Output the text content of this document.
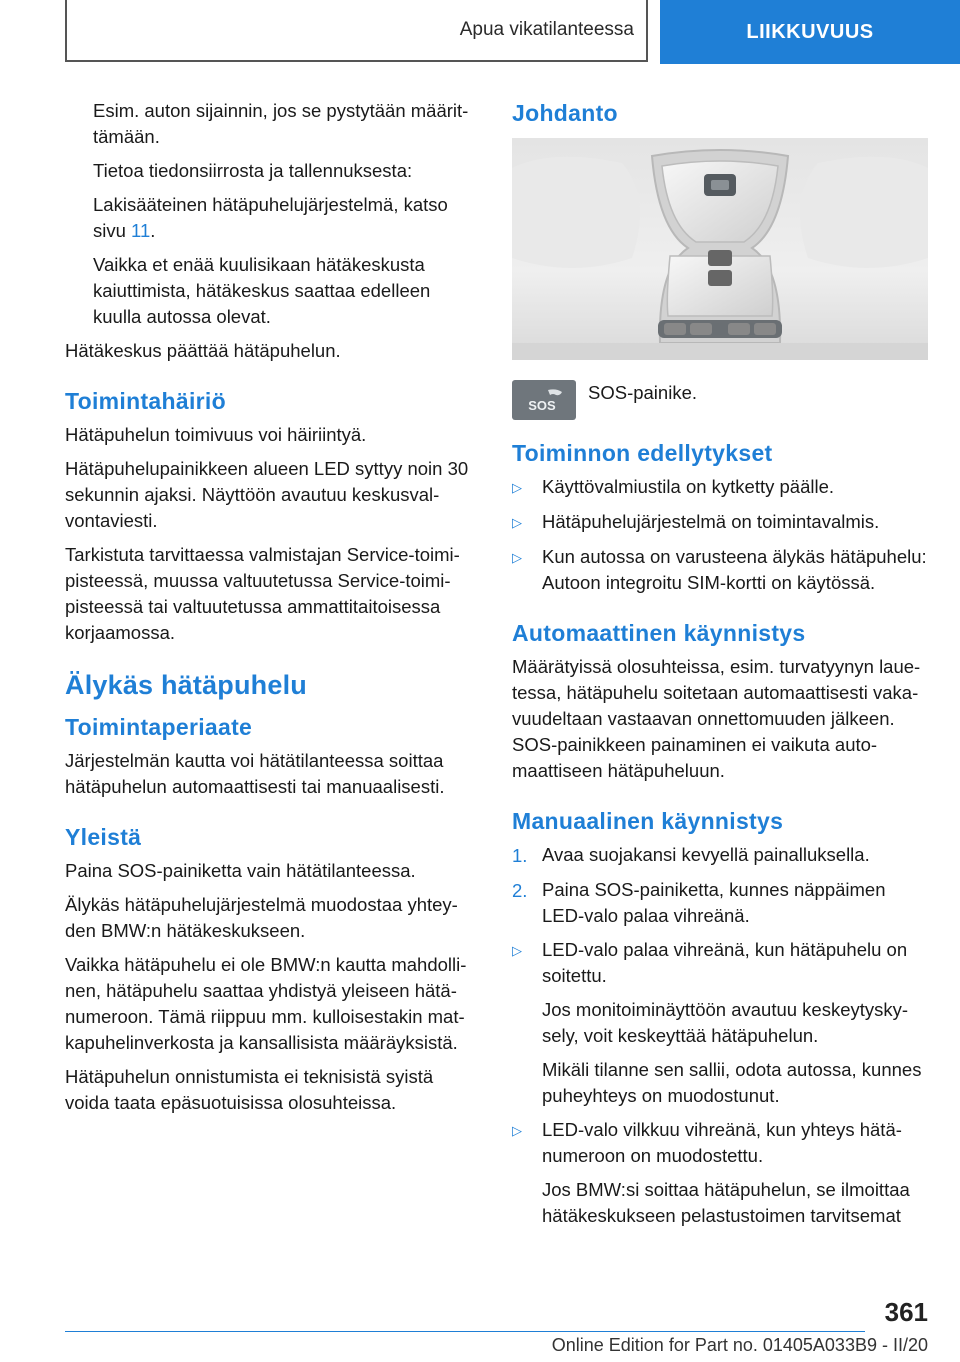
Apua vikatilanteessa	LIIKKUVUUS

Esim. auton sijainnin, jos se pystytään määrittämään.

Tietoa tiedonsiirrosta ja tallennuksesta:

Lakisääteinen hätäpuhelujärjestelmä, katso sivu 11.

Vaikka et enää kuulisikaan hätäkeskusta kaiuttimista, hätäkeskus saattaa edelleen kuulla autossa olevat.

Hätäkeskus päättää hätäpuhelun.

Toimintahäiriö

Hätäpuhelun toimivuus voi häiriintyä.

Hätäpuhelupainikkeen alueen LED syttyy noin 30 sekunnin ajaksi. Näyttöön avautuu keskusvalvontaviesti.

Tarkistuta tarvittaessa valmistajan Service-toimipisteessä, muussa valtuutetussa Service-toimipisteessä tai valtuutetussa ammattitaitoisessa korjaamossa.

Älykäs hätäpuhelu
Toimintaperiaate

Järjestelmän kautta voi hätätilanteessa soittaa hätäpuhelun automaattisesti tai manuaalisesti.

Yleistä

Paina SOS-painiketta vain hätätilanteessa.

Älykäs hätäpuhelujärjestelmä muodostaa yhteyden BMW:n hätäkeskukseen.

Vaikka hätäpuhelu ei ole BMW:n kautta mahdollinen, hätäpuhelu saattaa yhdistyä yleiseen hätänumeroon. Tämä riippuu mm. kulloisestakin matkapuhelinverkosta ja kansallisista määräyksistä.

Hätäpuhelun onnistumista ei teknisistä syistä voida taata epäsuotuisissa olosuhteissa.

Johdanto
SOS

SOS-painike.

Toiminnon edellytykset
▷	Käyttövalmiustila on kytketty päälle.
▷	Hätäpuhelujärjestelmä on toimintavalmis.
▷	Kun autossa on varusteena älykäs hätäpuhelu: Autoon integroitu SIM-kortti on käytössä.
Automaattinen käynnistys

Määrätyissä olosuhteissa, esim. turvatyynyn lauetessa, hätäpuhelu soitetaan automaattisesti vakavuudeltaan vastaavan onnettomuuden jälkeen. SOS-painikkeen painaminen ei vaikuta automaattiseen hätäpuheluun.

Manuaalinen käynnistys
1. Avaa suojakansi kevyellä painalluksella.
2. Paina SOS-painiketta, kunnes näppäimen LED-valo palaa vihreänä.
▷	LED-valo palaa vihreänä, kun hätäpuhelu on soitettu.

Jos monitoiminäyttöön avautuu keskeytyskysely, voit keskeyttää hätäpuhelun.

Mikäli tilanne sen sallii, odota autossa, kunnes puheyhteys on muodostunut.

▷	LED-valo vilkkuu vihreänä, kun yhteys hätänumeroon on muodostettu.

Jos BMW:si soittaa hätäpuhelun, se ilmoittaa hätäkeskukseen pelastustoimen tarvitsemat

361
Online Edition for Part no. 01405A033B9 - II/20
